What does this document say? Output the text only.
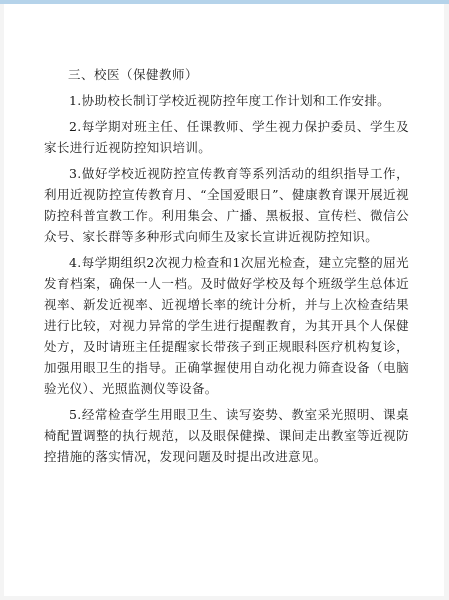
三、校医（保健教师）

1.协助校长制订学校近视防控年度工作计划和工作安排。

2.每学期对班主任、任课教师、学生视力保护委员、学生及家长进行近视防控知识培训。

3.做好学校近视防控宣传教育等系列活动的组织指导工作，利用近视防控宣传教育月、“全国爱眼日”、健康教育课开展近视防控科普宣教工作。利用集会、广播、黑板报、宣传栏、微信公众号、家长群等多种形式向师生及家长宣讲近视防控知识。

4.每学期组织2次视力检查和1次屈光检查，建立完整的屈光发育档案，确保一人一档。及时做好学校及每个班级学生总体近视率、新发近视率、近视增长率的统计分析，并与上次检查结果进行比较，对视力异常的学生进行提醒教育，为其开具个人保健处方，及时请班主任提醒家长带孩子到正规眼科医疗机构复诊，加强用眼卫生的指导。正确掌握使用自动化视力筛查设备（电脑验光仪）、光照监测仪等设备。

5.经常检查学生用眼卫生、读写姿势、教室采光照明、课桌椅配置调整的执行规范，以及眼保健操、课间走出教室等近视防控措施的落实情况，发现问题及时提出改进意见。
